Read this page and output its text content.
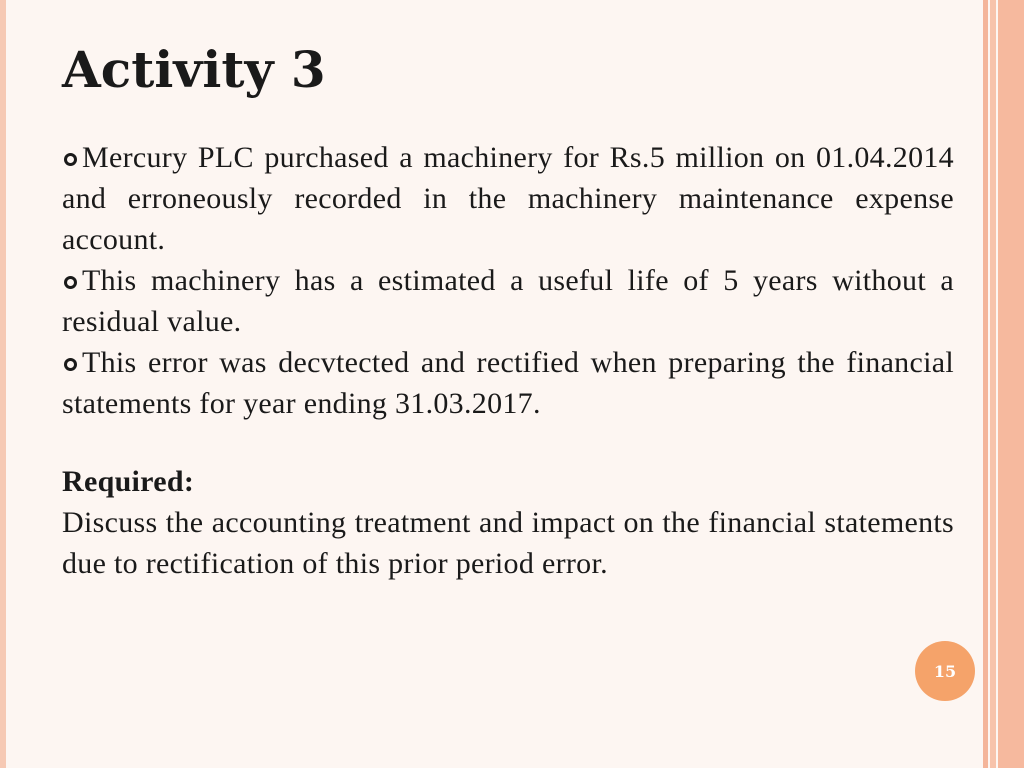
Activity 3

Mercury PLC purchased a machinery for Rs.5 million on 01.04.2014 and erroneously recorded in the machinery maintenance expense account.

This machinery has a estimated a useful life of 5 years without a residual value.

This error was decvtected and rectified when preparing the financial statements for year ending 31.03.2017.

Required:

Discuss the accounting treatment and impact on the financial statements due to rectification of this prior period error.

15
